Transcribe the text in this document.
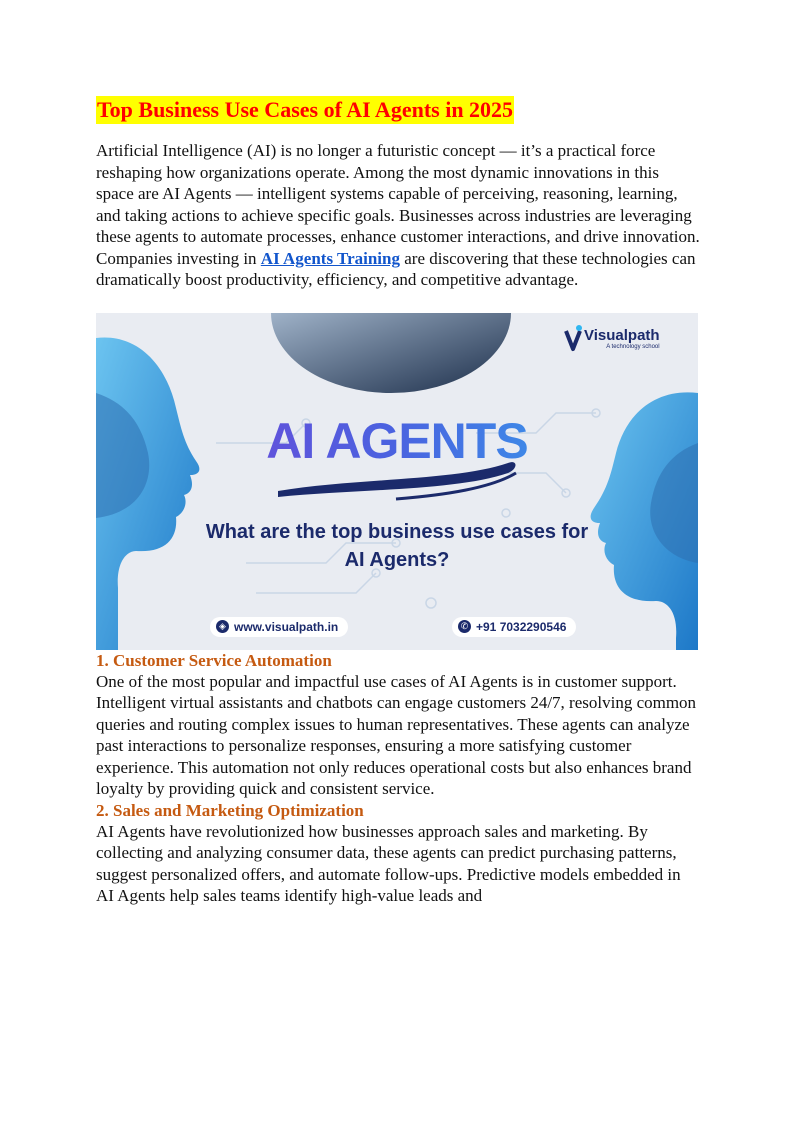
Top Business Use Cases of AI Agents in 2025

Artificial Intelligence (AI) is no longer a futuristic concept — it’s a practical force reshaping how organizations operate. Among the most dynamic innovations in this space are AI Agents — intelligent systems capable of perceiving, reasoning, learning, and taking actions to achieve specific goals. Businesses across industries are leveraging these agents to automate processes, enhance customer interactions, and drive innovation. Companies investing in AI Agents Training are discovering that these technologies can dramatically boost productivity, efficiency, and competitive advantage.

Visualpath
A technology school
AI AGENTS
What are the top business use cases for AI Agents?
◈ www.visualpath.in	✆ +91 7032290546
1. Customer Service Automation

One of the most popular and impactful use cases of AI Agents is in customer support. Intelligent virtual assistants and chatbots can engage customers 24/7, resolving common queries and routing complex issues to human representatives. These agents can analyze past interactions to personalize responses, ensuring a more satisfying customer experience. This automation not only reduces operational costs but also enhances brand loyalty by providing quick and consistent service.

2. Sales and Marketing Optimization

AI Agents have revolutionized how businesses approach sales and marketing. By collecting and analyzing consumer data, these agents can predict purchasing patterns, suggest personalized offers, and automate follow-ups. Predictive models embedded in AI Agents help sales teams identify high-value leads and
